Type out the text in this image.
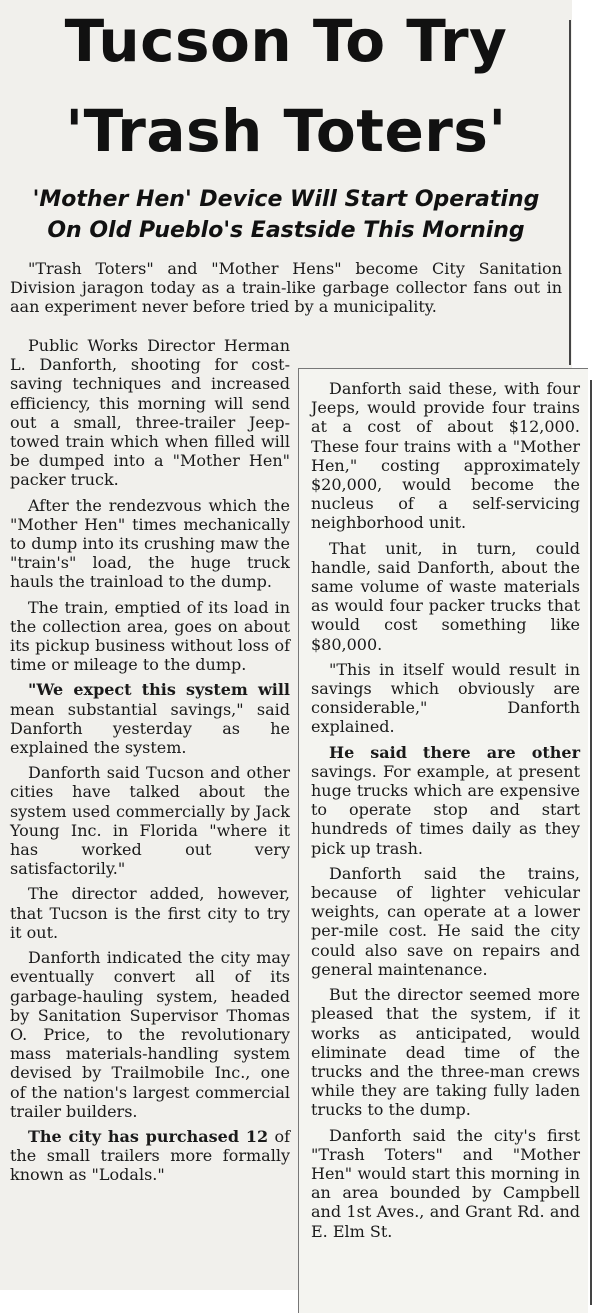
Tucson To Try
'Trash Toters'
'Mother Hen' Device Will Start Operating
On Old Pueblo's Eastside This Morning

"Trash Toters" and "Mother Hens" become City Sanitation Division jaragon today as a train-like garbage collector fans out in aan experiment never before tried by a municipality.

Public Works Director Herman L. Danforth, shooting for cost-saving techniques and increased efficiency, this morning will send out a small, three-trailer Jeep-towed train which when filled will be dumped into a "Mother Hen" packer truck.

After the rendezvous which the "Mother Hen" times mechanically to dump into its crushing maw the "train's" load, the huge truck hauls the trainload to the dump.

The train, emptied of its load in the collection area, goes on about its pickup business without loss of time or mileage to the dump.

"We expect this system will mean substantial savings," said Danforth yesterday as he explained the system.

Danforth said Tucson and other cities have talked about the system used commercially by Jack Young Inc. in Florida "where it has worked out very satisfactorily."

The director added, however, that Tucson is the first city to try it out.

Danforth indicated the city may eventually convert all of its garbage-hauling system, headed by Sanitation Supervisor Thomas O. Price, to the revolutionary mass materials-handling system devised by Trailmobile Inc., one of the nation's largest commercial trailer builders.

The city has purchased 12 of the small trailers more formally known as "Lodals."

Danforth said these, with four Jeeps, would provide four trains at a cost of about $12,000. These four trains with a "Mother Hen," costing approximately $20,000, would become the nucleus of a self-servicing neighborhood unit.

That unit, in turn, could handle, said Danforth, about the same volume of waste materials as would four packer trucks that would cost something like $80,000.

"This in itself would result in savings which obviously are considerable," Danforth explained.

He said there are other savings. For example, at present huge trucks which are expensive to operate stop and start hundreds of times daily as they pick up trash.

Danforth said the trains, because of lighter vehicular weights, can operate at a lower per-mile cost. He said the city could also save on repairs and general maintenance.

But the director seemed more pleased that the system, if it works as anticipated, would eliminate dead time of the trucks and the three-man crews while they are taking fully laden trucks to the dump.

Danforth said the city's first "Trash Toters" and "Mother Hen" would start this morning in an area bounded by Campbell and 1st Aves., and Grant Rd. and E. Elm St.
